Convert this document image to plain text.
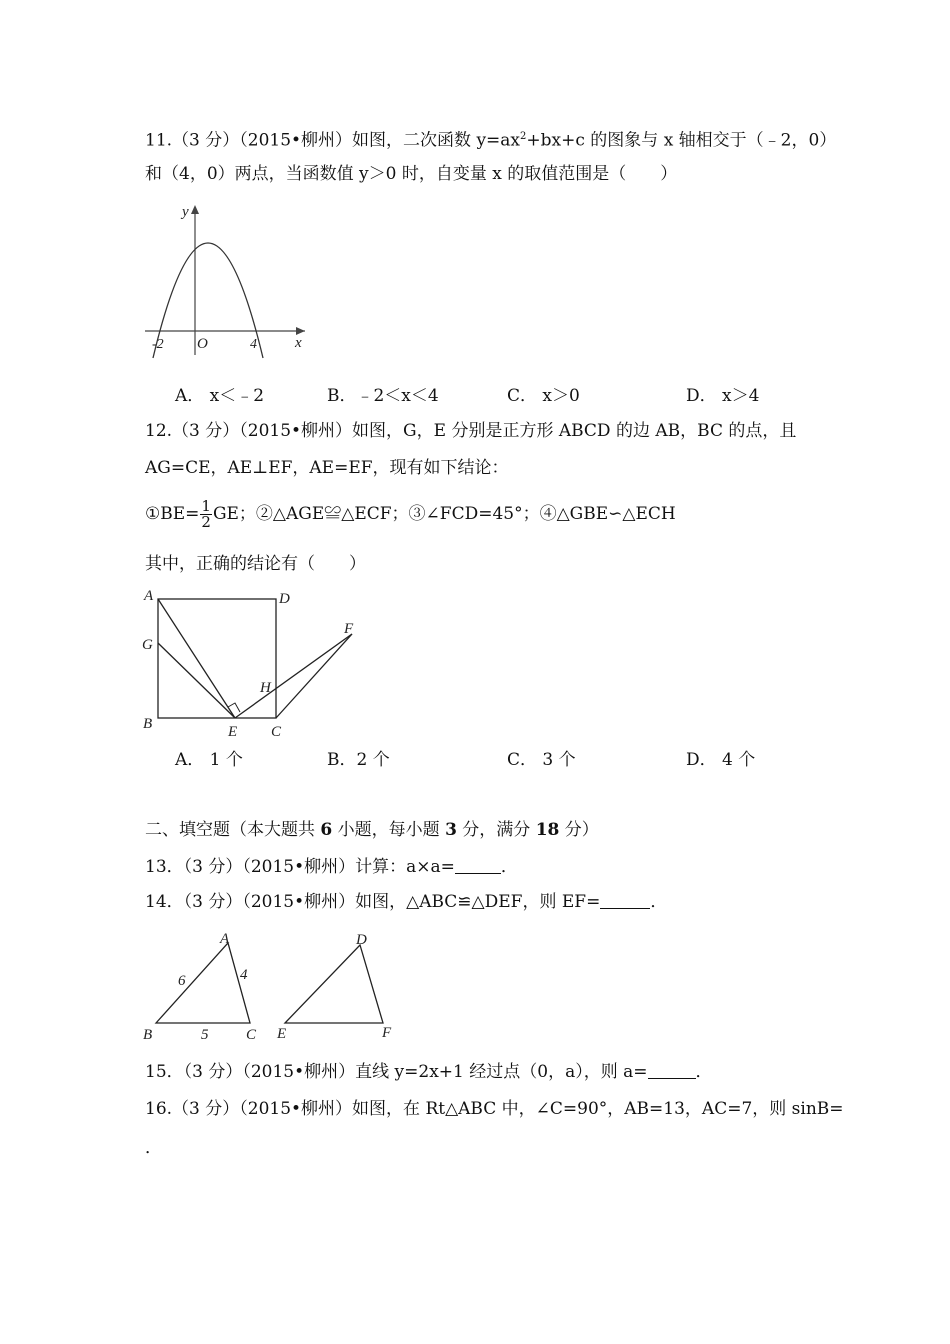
11.（3 分）（2015•柳州）如图，二次函数 $y=ax^2+bx+c$ 的图象与 x 轴相交于（﹣2，0）
和（4，0）两点，当函数值 y＞0 时，自变量 x 的取值范围是（　　）
y
x
O
-2	4
A． x＜﹣2	B．﹣2＜x＜4	C． x＞0	D． x＞4
12.（3 分）（2015•柳州）如图，G，E 分别是正方形 ABCD 的边 AB，BC 的点，且
AG=CE，AE⊥EF，AE=EF，现有如下结论：
①BE= $\frac{1}{2}$ GE；②△AGE≌△ECF；③∠FCD=45°；④△GBE∽△ECH
其中，正确的结论有（　　）
A	D
G
F
H
B	E C
A． 1 个	B．2 个	C． 3 个	D． 4 个
二、填空题（本大题共 6 小题，每小题 3 分，满分 18 分）
13．（3 分）（2015•柳州）计算：a×a=	．
14．（3 分）（2015•柳州）如图，△ABC≌△DEF，则 EF=	．
A
B	C
6	4
5
D
E	F
15．（3 分）（2015•柳州）直线 y=2x+1 经过点（0，a），则 a=	．
16.（3 分）（2015•柳州）如图，在 Rt△ABC 中，∠C=90°，AB=13，AC=7，则 sinB=
．
